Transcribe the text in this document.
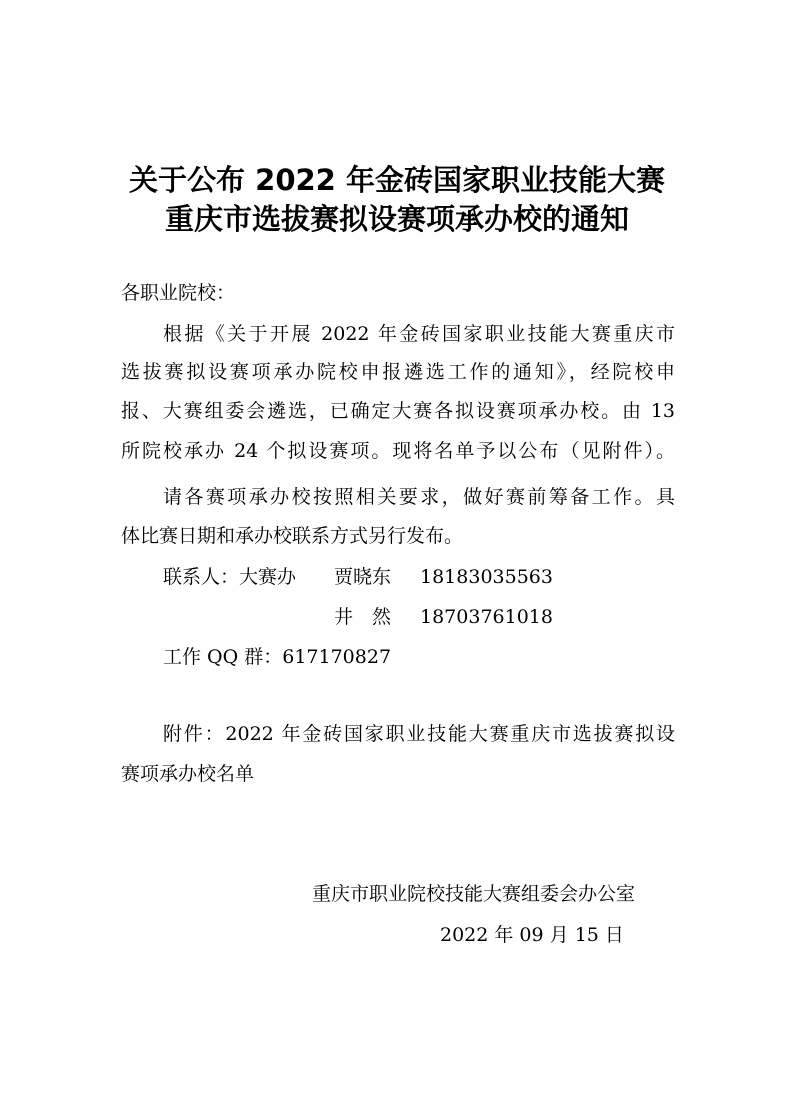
关于公布 2022 年金砖国家职业技能大赛
重庆市选拔赛拟设赛项承办校的通知
各职业院校：
根据《关于开展 2022 年金砖国家职业技能大赛重庆市
选拔赛拟设赛项承办院校申报遴选工作的通知》，经院校申
报、大赛组委会遴选，已确定大赛各拟设赛项承办校。由 13
所院校承办 24 个拟设赛项。现将名单予以公布（见附件）。
请各赛项承办校按照相关要求，做好赛前筹备工作。具
体比赛日期和承办校联系方式另行发布。
联系人：大赛办 贾晓东 18183035563
井　然 18703761018
工作 QQ 群：617170827
附件：2022 年金砖国家职业技能大赛重庆市选拔赛拟设
赛项承办校名单
重庆市职业院校技能大赛组委会办公室
2022 年 09 月 15 日
